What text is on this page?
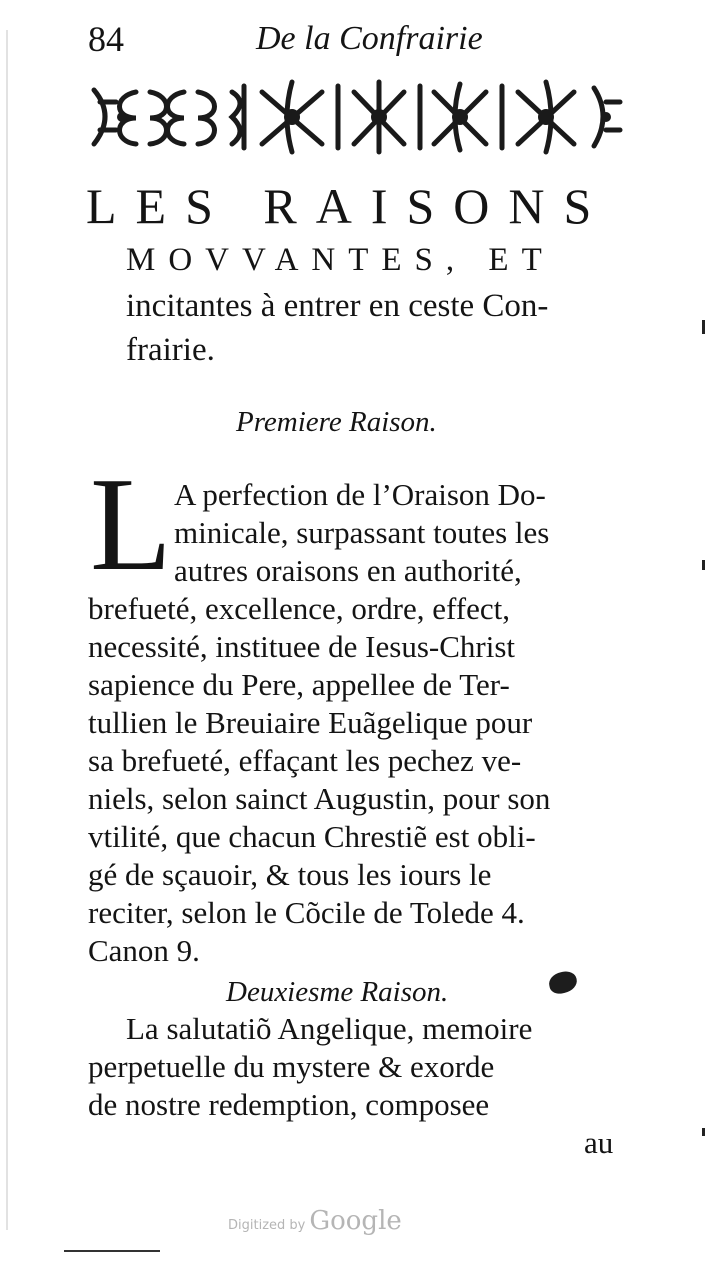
84	De la Confrairie
LES RAISONS
MOVVANTES, ET
incitantes à entrer en ceste Con-
frairie.
Premiere Raison.
L A perfection de l’Oraison Do-
minicale, surpassant toutes les
autres oraisons en authorité,
brefueté, excellence, ordre, effect,
necessité, instituee de Iesus-Christ
sapience du Pere, appellee de Ter-
tullien le Breuiaire Euãgelique pour
sa brefueté, effaçant les pechez ve-
niels, selon sainct Augustin, pour son
vtilité, que chacun Chrestiẽ est obli-
gé de sçauoir, & tous les iours le
reciter, selon le Cõcile de Tolede 4.
Canon 9.
Deuxiesme Raison.
La salutatiõ Angelique, memoire
perpetuelle du mystere & exorde
de nostre redemption, composee
au
Digitized by Google
